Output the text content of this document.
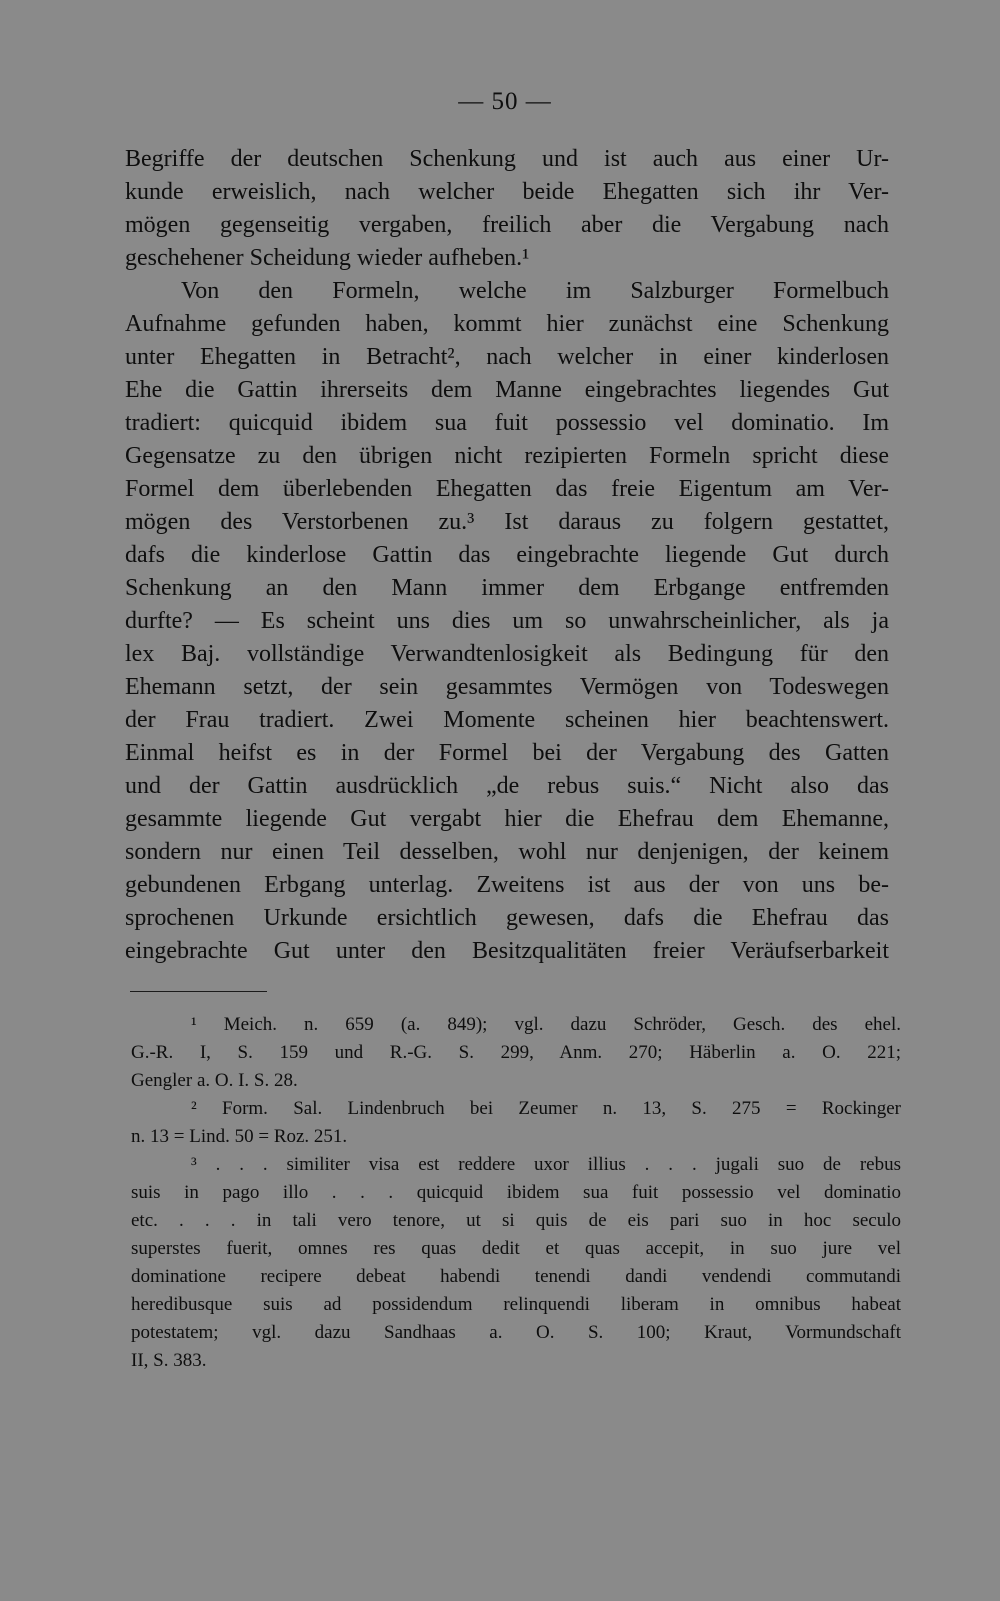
— 50 —
Begriffe der deutschen Schenkung und ist auch aus einer Ur-
kunde erweislich, nach welcher beide Ehegatten sich ihr Ver-
mögen gegenseitig vergaben, freilich aber die Vergabung nach
geschehener Scheidung wieder aufheben.¹
Von den Formeln, welche im Salzburger Formelbuch
Aufnahme gefunden haben, kommt hier zunächst eine Schenkung
unter Ehegatten in Betracht², nach welcher in einer kinderlosen
Ehe die Gattin ihrerseits dem Manne eingebrachtes liegendes Gut
tradiert: quicquid ibidem sua fuit possessio vel dominatio. Im
Gegensatze zu den übrigen nicht rezipierten Formeln spricht diese
Formel dem überlebenden Ehegatten das freie Eigentum am Ver-
mögen des Verstorbenen zu.³ Ist daraus zu folgern gestattet,
dafs die kinderlose Gattin das eingebrachte liegende Gut durch
Schenkung an den Mann immer dem Erbgange entfremden
durfte? — Es scheint uns dies um so unwahrscheinlicher, als ja
lex Baj. vollständige Verwandtenlosigkeit als Bedingung für den
Ehemann setzt, der sein gesammtes Vermögen von Todeswegen
der Frau tradiert. Zwei Momente scheinen hier beachtenswert.
Einmal heifst es in der Formel bei der Vergabung des Gatten
und der Gattin ausdrücklich „de rebus suis.“ Nicht also das
gesammte liegende Gut vergabt hier die Ehefrau dem Ehemanne,
sondern nur einen Teil desselben, wohl nur denjenigen, der keinem
gebundenen Erbgang unterlag. Zweitens ist aus der von uns be-
sprochenen Urkunde ersichtlich gewesen, dafs die Ehefrau das
eingebrachte Gut unter den Besitzqualitäten freier Veräufserbarkeit
¹ Meich. n. 659 (a. 849); vgl. dazu Schröder, Gesch. des ehel.
G.-R. I, S. 159 und R.-G. S. 299, Anm. 270; Häberlin a. O. 221;
Gengler a. O. I. S. 28.
² Form. Sal. Lindenbruch bei Zeumer n. 13, S. 275 = Rockinger
n. 13 = Lind. 50 = Roz. 251.
³ . . . similiter visa est reddere uxor illius . . . jugali suo de rebus
suis in pago illo . . . quicquid ibidem sua fuit possessio vel dominatio
etc. . . . in tali vero tenore, ut si quis de eis pari suo in hoc seculo
superstes fuerit, omnes res quas dedit et quas accepit, in suo jure vel
dominatione recipere debeat habendi tenendi dandi vendendi commutandi
heredibusque suis ad possidendum relinquendi liberam in omnibus habeat
potestatem; vgl. dazu Sandhaas a. O. S. 100; Kraut, Vormundschaft
II, S. 383.
